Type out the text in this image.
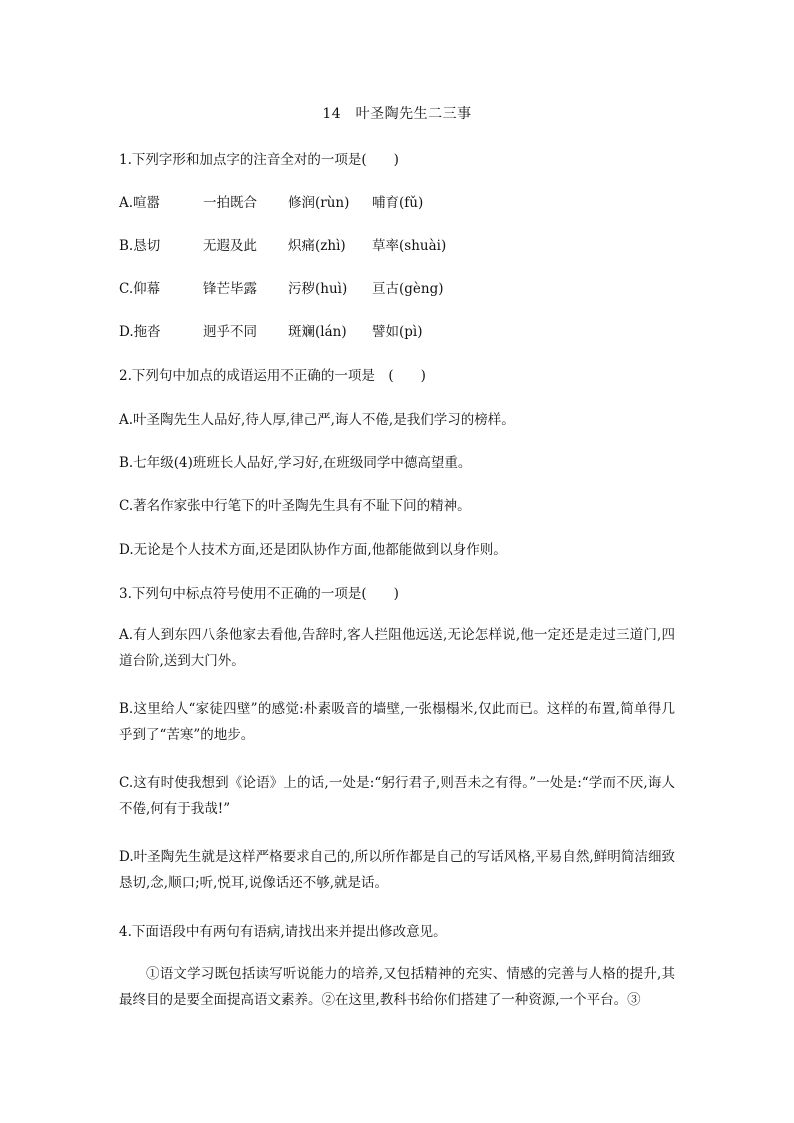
14　叶圣陶先生二三事
1.下列字形和加点字的注音全对的一项是(　　)
A.喧嚣	一拍既合 修润(rùn) 哺育(fǔ)
B.恳切	无遐及此 炽痛(zhì) 草率(shuài)
C.仰幕	锋芒毕露 污秽(huì) 亘古(gèng)
D.拖沓	迥乎不同 斑斓(lán) 譬如(pì)
2.下列句中加点的成语运用不正确的一项是　(　　)
A.叶圣陶先生人品好,待人厚,律己严,诲人不倦,是我们学习的榜样。
B.七年级(4)班班长人品好,学习好,在班级同学中德高望重。
C.著名作家张中行笔下的叶圣陶先生具有不耻下问的精神。
D.无论是个人技术方面,还是团队协作方面,他都能做到以身作则。
3.下列句中标点符号使用不正确的一项是(　　)
A.有人到东四八条他家去看他,告辞时,客人拦阻他远送,无论怎样说,他一定还是走过三道门,四道台阶,送到大门外。
B.这里给人“家徒四壁”的感觉:朴素吸音的墙壁,一张榻榻米,仅此而已。这样的布置,简单得几乎到了“苦寒”的地步。
C.这有时使我想到《论语》上的话,一处是:“躬行君子,则吾未之有得。”一处是:“学而不厌,诲人不倦,何有于我哉!”
D.叶圣陶先生就是这样严格要求自己的,所以所作都是自己的写话风格,平易自然,鲜明简洁细致恳切,念,顺口;听,悦耳,说像话还不够,就是话。
4.下面语段中有两句有语病,请找出来并提出修改意见。
①语文学习既包括读写听说能力的培养,又包括精神的充实、情感的完善与人格的提升,其最终目的是要全面提高语文素养。②在这里,教科书给你们搭建了一种资源,一个平台。③
